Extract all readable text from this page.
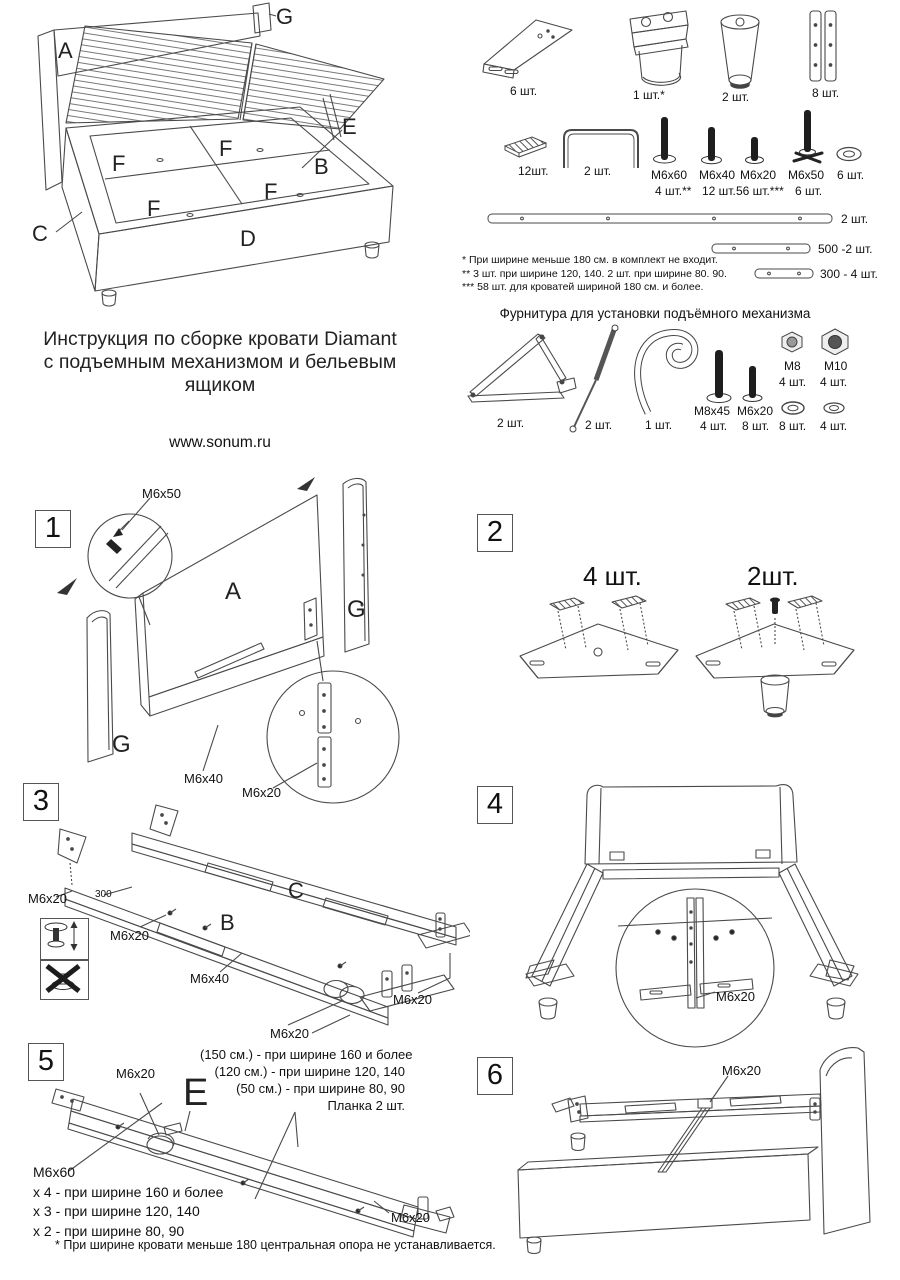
A
G
E
B
F
F
F
F
D
C
Инструкция по сборке кровати Diamant
с подъемным механизмом и бельевым ящиком
www.sonum.ru
6 шт.	1 шт.*	2 шт.	8 шт.
12шт.	2 шт.	M6x60
4 шт.**
M6x40
12 шт.
M6x20
56 шт.***
M6x50
6 шт.
6 шт.
2 шт.
500 -2 шт.
300 - 4 шт.
* При ширине меньше 180 см. в комплект не входит.
** 3 шт. при ширине 120, 140. 2 шт. при ширине 80. 90.
*** 58 шт. для кроватей шириной 180 см. и более.
Фурнитура для установки подъёмного механизма
2 шт.	2 шт.	1 шт.
M8x45
4 шт.
M6x20
8 шт.
M8
4 шт.
M10
4 шт.
8 шт. 4 шт.
1
M6x50
A
G
G
M6x40
M6x20
2
4 шт.	2шт.
3
M6x20	300
M6x20
B
C
M6x40
M6x20
M6x20
4
M6x20
5	M6x20 E
(150 см.) - при ширине 160 и более
(120 см.) - при ширине 120, 140
(50 см.) - при ширине 80, 90
Планка 2 шт.
M6x60
x 4 - при ширине 160 и более
x 3 - при ширине 120, 140
x 2 - при ширине 80, 90
M6x20
* При ширине кровати меньше 180 центральная опора не устанавливается.
6	M6x20
